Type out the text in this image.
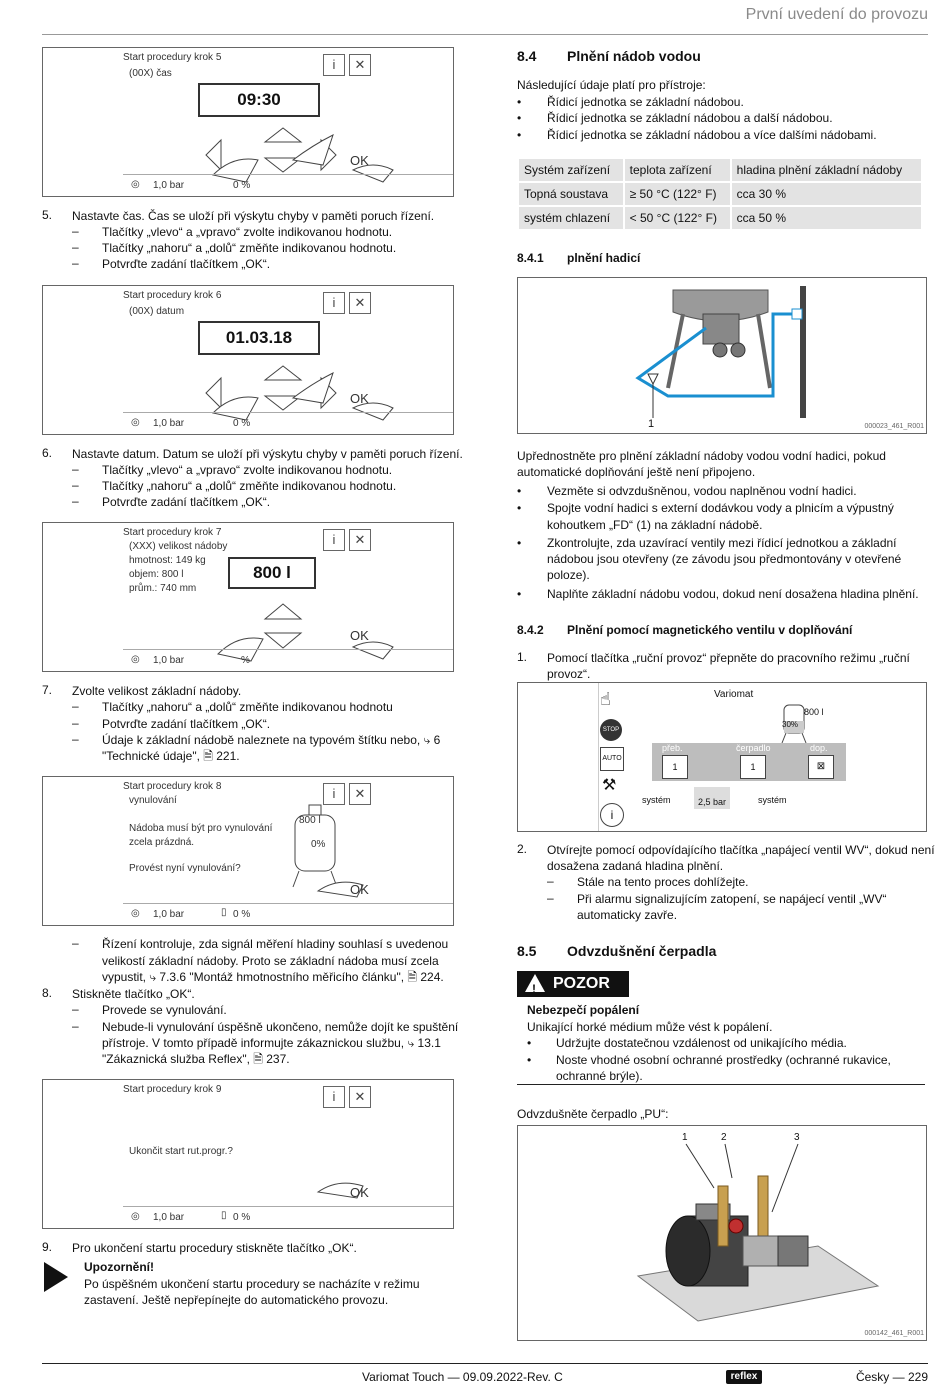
První uvedení do provozu
Variomat Touch — 09.09.2022-Rev. C	reflex	Česky — 229
Start procedury krok 5
(00X) čas
i	✕
09:30
OK
◎ 1,0 bar	0 %
5. Nastavte čas. Čas se uloží při výskytu chyby v paměti poruch řízení.
– Tlačítky „vlevo“ a „vpravo“ zvolte indikovanou hodnotu.
– Tlačítky „nahoru“ a „dolů“ změňte indikovanou hodnotu.
– Potvrďte zadání tlačítkem „OK“.
Start procedury krok 6
(00X) datum
i	✕
01.03.18
OK
◎ 1,0 bar	0 %
6. Nastavte datum. Datum se uloží při výskytu chyby v paměti poruch řízení.
– Tlačítky „vlevo“ a „vpravo“ zvolte indikovanou hodnotu.
– Tlačítky „nahoru“ a „dolů“ změňte indikovanou hodnotu.
– Potvrďte zadání tlačítkem „OK“.
Start procedury krok 7
(XXX) velikost nádoby
hmotnost: 149 kg
objem: 800 l
prům.: 740 mm
i	✕
800 l
OK
◎ 1,0 bar	%
7. Zvolte velikost základní nádoby.
– Tlačítky „nahoru“ a „dolů“ změňte indikovanou hodnotu
– Potvrďte zadání tlačítkem „OK“.
– Údaje k základní nádobě naleznete na typovém štítku nebo, ⤷ 6
"Technické údaje", 🗎 221.
Start procedury krok 8
vynulování
Nádoba musí být pro vynulování
zcela prázdná.
Provést nyní vynulování?
i	✕
800 l
0%
OK
◎ 1,0 bar	▯ 0 %
– Řízení kontroluje, zda signál měření hladiny souhlasí s uvedenou
velikostí základní nádoby. Proto se základní nádoba musí zcela
vypustit, ⤷ 7.3.6 "Montáž hmotnostního měřicího článku", 🗎 224.
8. Stiskněte tlačítko „OK“.
– Provede se vynulování.
– Nebude-li vynulování úspěšně ukončeno, nemůže dojít ke spuštění
přístroje. V tomto případě informujte zákaznickou službu, ⤷ 13.1
"Zákaznická služba Reflex", 🗎 237.
Start procedury krok 9	i	✕
Ukončit start rut.progr.?
OK
◎ 1,0 bar	▯ 0 %
9. Pro ukončení startu procedury stiskněte tlačítko „OK“.
Upozornění!
Po úspěšném ukončení startu procedury se nacházíte v režimu
zastavení. Ještě nepřepínejte do automatického provozu.
8.4 Plnění nádob vodou
Následující údaje platí pro přístroje:
• Řídicí jednotka se základní nádobou.
• Řídicí jednotka se základní nádobou a další nádobou.
• Řídicí jednotka se základní nádobou a více dalšími nádobami.
Systém zařízení	teplota zařízení	hladina plnění základní nádoby
Topná soustava	≥ 50 °C (122° F)	cca 30 %
systém chlazení	< 50 °C (122° F)	cca 50 %
8.4.1 plnění hadicí
1	000023_461_R001
Upřednostněte pro plnění základní nádoby vodou vodní hadici, pokud
automatické doplňování ještě není připojeno.
• Vezměte si odvzdušněnou, vodou naplněnou vodní hadici.
• Spojte vodní hadici s externí dodávkou vody a plnicím a výpustný
kohoutkem „FD“ (1) na základní nádobě.
• Zkontrolujte, zda uzavírací ventily mezi řídicí jednotkou a základní
nádobou jsou otevřeny (ze závodu jsou předmontovány v otevřené
poloze).
• Naplňte základní nádobu vodou, dokud není dosažena hladina plnění.
8.4.2 Plnění pomocí magnetického ventilu v doplňování
1. Pomocí tlačítka „ruční provoz“ přepněte do pracovního režimu „ruční
provoz“.
☝
STOP
AUTO
⚒
i
Variomat
800 l
30%
přeb.	čerpadlo	dop.
1	1	⊠
systém	2,5 bar	systém
2. Otvírejte pomocí odpovídajícího tlačítka „napájecí ventil WV“, dokud není
dosažena zadaná hladina plnění.
– Stále na tento proces dohlížejte.
– Při alarmu signalizujícím zatopení, se napájecí ventil „WV“
automaticky zavře.
8.5 Odvzdušnění čerpadla
! POZOR
Nebezpečí popálení
Unikající horké médium může vést k popálení.
• Udržujte dostatečnou vzdálenost od unikajícího média.
• Noste vhodné osobní ochranné prostředky (ochranné rukavice,
ochranné brýle).
Odvzdušněte čerpadlo „PU“:
1	2	3
000142_461_R001
